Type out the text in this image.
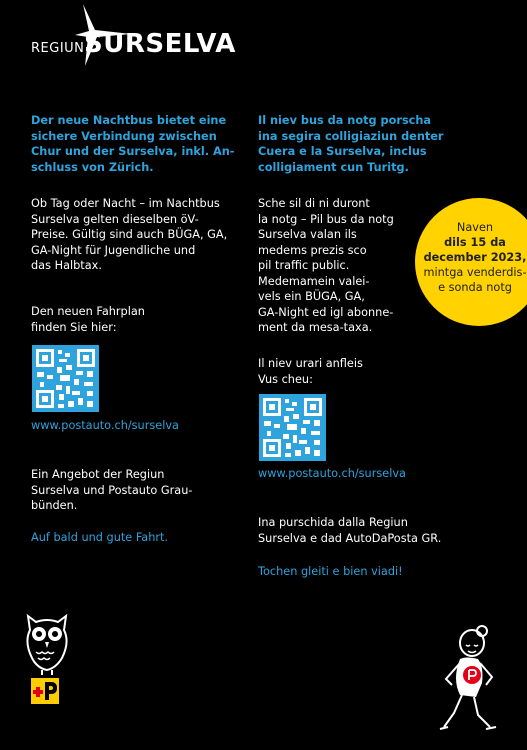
REGIUN SURSELVA

Der neue Nachtbus bietet eine
sichere Verbindung zwischen
Chur und der Surselva, inkl. An-
schluss von Zürich.

Ob Tag oder Nacht – im Nachtbus
Surselva gelten dieselben öV-
Preise. Gültig sind auch BÜGA, GA,
GA-Night für Jugendliche und
das Halbtax.

Den neuen Fahrplan
finden Sie hier:

www.postauto.ch/surselva

Ein Angebot der Regiun
Surselva und Postauto Grau-
bünden.

Auf bald und gute Fahrt.

Il niev bus da notg porscha
ina segira colligiaziun denter
Cuera e la Surselva, inclus
colligiament cun Turitg.

Sche sil di ni duront
la notg – Pil bus da notg
Surselva valan ils
medems prezis sco
pil traffic public.
Medemamein valei-
vels ein BÜGA, GA,
GA-Night ed igl abonne-
ment da mesa-taxa.

Il niev urari anfleis
Vus cheu:

www.postauto.ch/surselva

Ina purschida dalla Regiun
Surselva e dad AutoDaPosta GR.

Tochen gleiti e bien viadi!

Naven
dils 15 da
december 2023,
mintga venderdis-
e sonda notg
